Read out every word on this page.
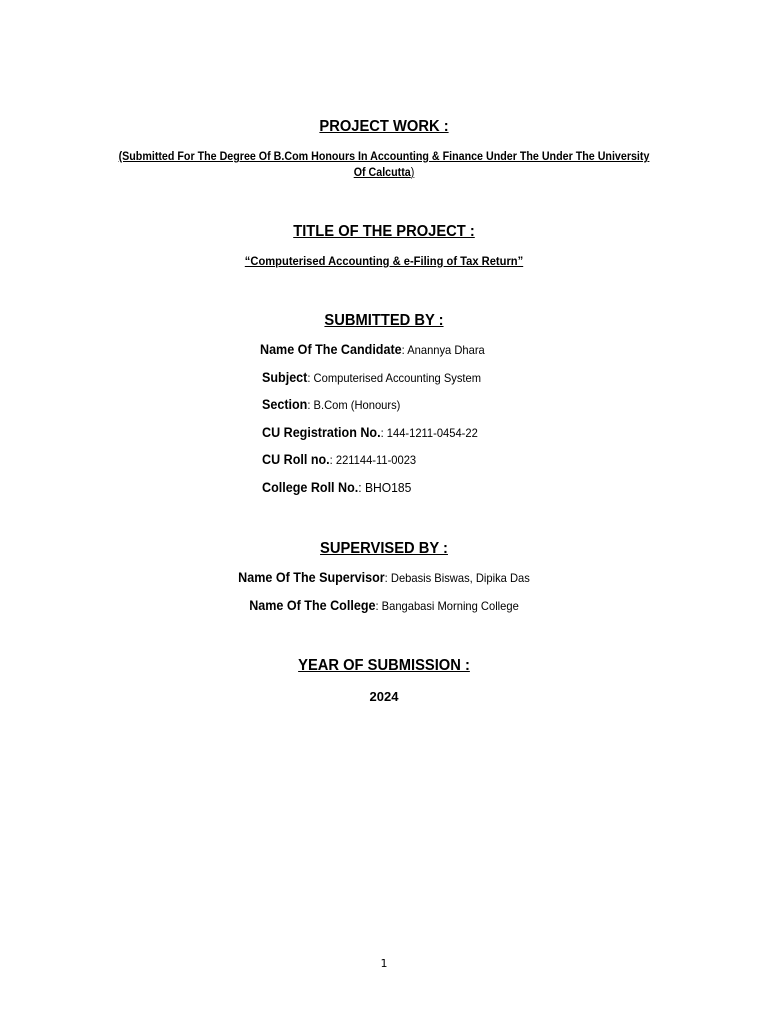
PROJECT WORK :
(Submitted For The Degree Of B.Com Honours In Accounting & Finance Under The Under The University
Of Calcutta)
TITLE OF THE PROJECT :
“Computerised Accounting & e-Filing of Tax Return”
SUBMITTED BY :
Name Of The Candidate: Anannya Dhara
Subject: Computerised Accounting System
Section: B.Com (Honours)
CU Registration No.: 144-1211-0454-22
CU Roll no.: 221144-11-0023
College Roll No.: BHO185
SUPERVISED BY :
Name Of The Supervisor: Debasis Biswas, Dipika Das
Name Of The College: Bangabasi Morning College
YEAR OF SUBMISSION :
2024
1
